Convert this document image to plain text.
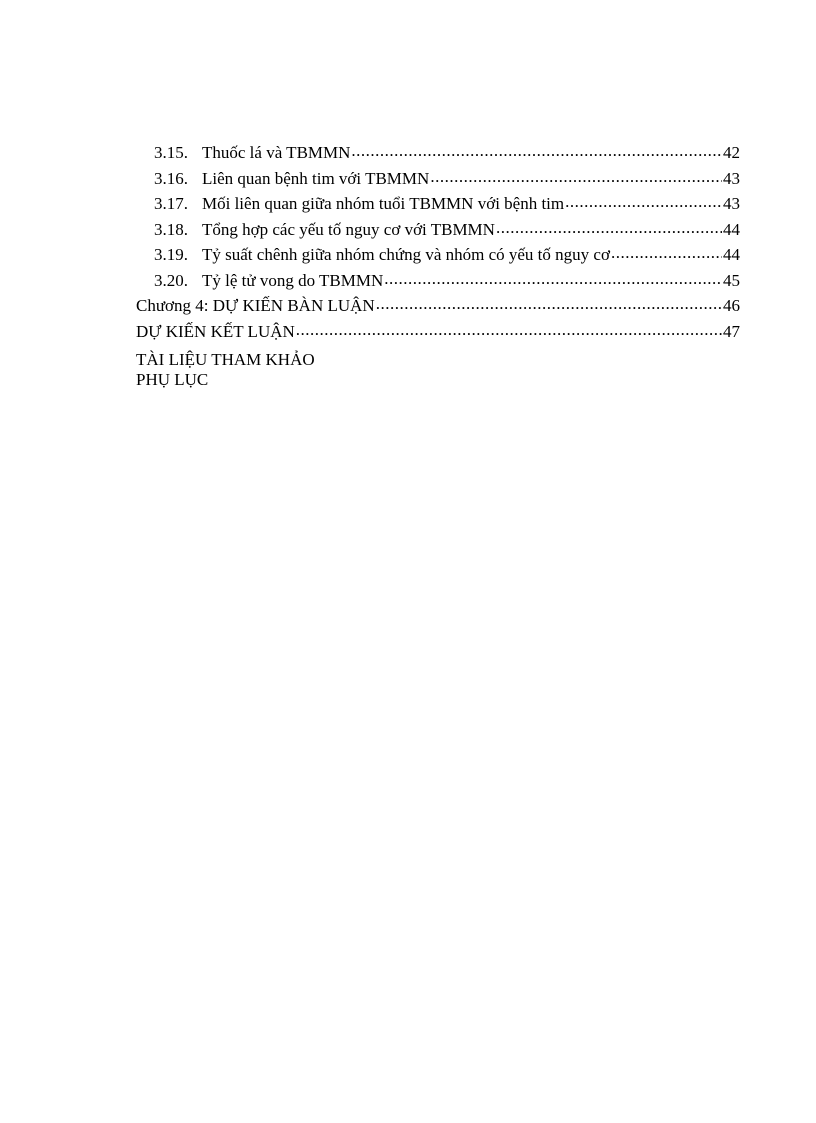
3.15. Thuốc lá và TBMMN .....	42
3.16. Liên quan bệnh tim với TBMMN .....	43
3.17. Mối liên quan giữa nhóm tuổi TBMMN với bệnh tim .....	43
3.18. Tổng hợp các yếu tố nguy cơ với TBMMN .....	44
3.19. Tỷ suất chênh giữa nhóm chứng và nhóm có yếu tố nguy cơ .....	44
3.20. Tỷ lệ tử vong do TBMMN .....	45
Chương 4: DỰ KIẾN BÀN LUẬN .....	46
DỰ KIẾN KẾT LUẬN .....	47
TÀI LIỆU THAM KHẢO
PHỤ LỤC
